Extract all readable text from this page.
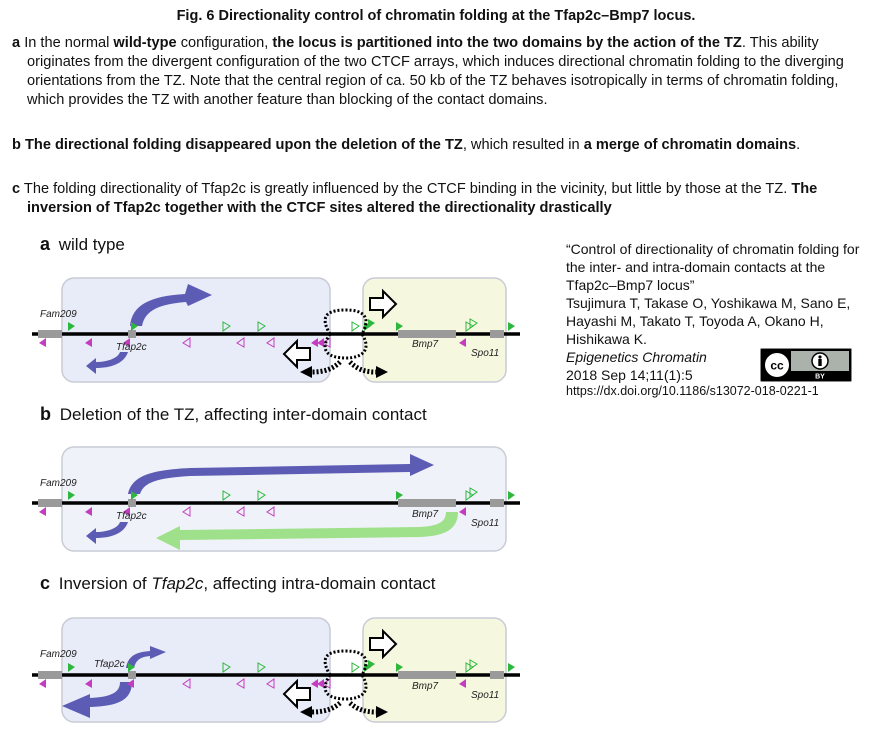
Fig. 6 Directionality control of chromatin folding at the Tfap2c–Bmp7 locus.
a In the normal wild-type configuration, the locus is partitioned into the two domains by the action of the TZ. This ability originates from the divergent configuration of the two CTCF arrays, which induces directional chromatin folding to the diverging orientations from the TZ. Note that the central region of ca. 50 kb of the TZ behaves isotropically in terms of chromatin folding, which provides the TZ with another feature than blocking of the contact domains.
b The directional folding disappeared upon the deletion of the TZ, which resulted in a merge of chromatin domains.
c The folding directionality of Tfap2c is greatly influenced by the CTCF binding in the vicinity, but little by those at the TZ. The inversion of Tfap2c together with the CTCF sites altered the directionality drastically
a wild type
b Deletion of the TZ, affecting inter-domain contact
c Inversion of Tfap2c, affecting intra-domain contact
Fam209
Tfap2c	Bmp7
Spo11
Fam209
Tfap2c	Bmp7
Spo11
Fam209
Tfap2c
Bmp7
Spo11
“Control of directionality of chromatin folding for the inter- and intra-domain contacts at the Tfap2c–Bmp7 locus”
Tsujimura T, Takase O, Yoshikawa M, Sano E, Hayashi M, Takato T, Toyoda A, Okano H, Hishikawa K.
Epigenetics Chromatin
2018 Sep 14;11(1):5
cc
BY
https://dx.doi.org/10.1186/s13072-018-0221-1
